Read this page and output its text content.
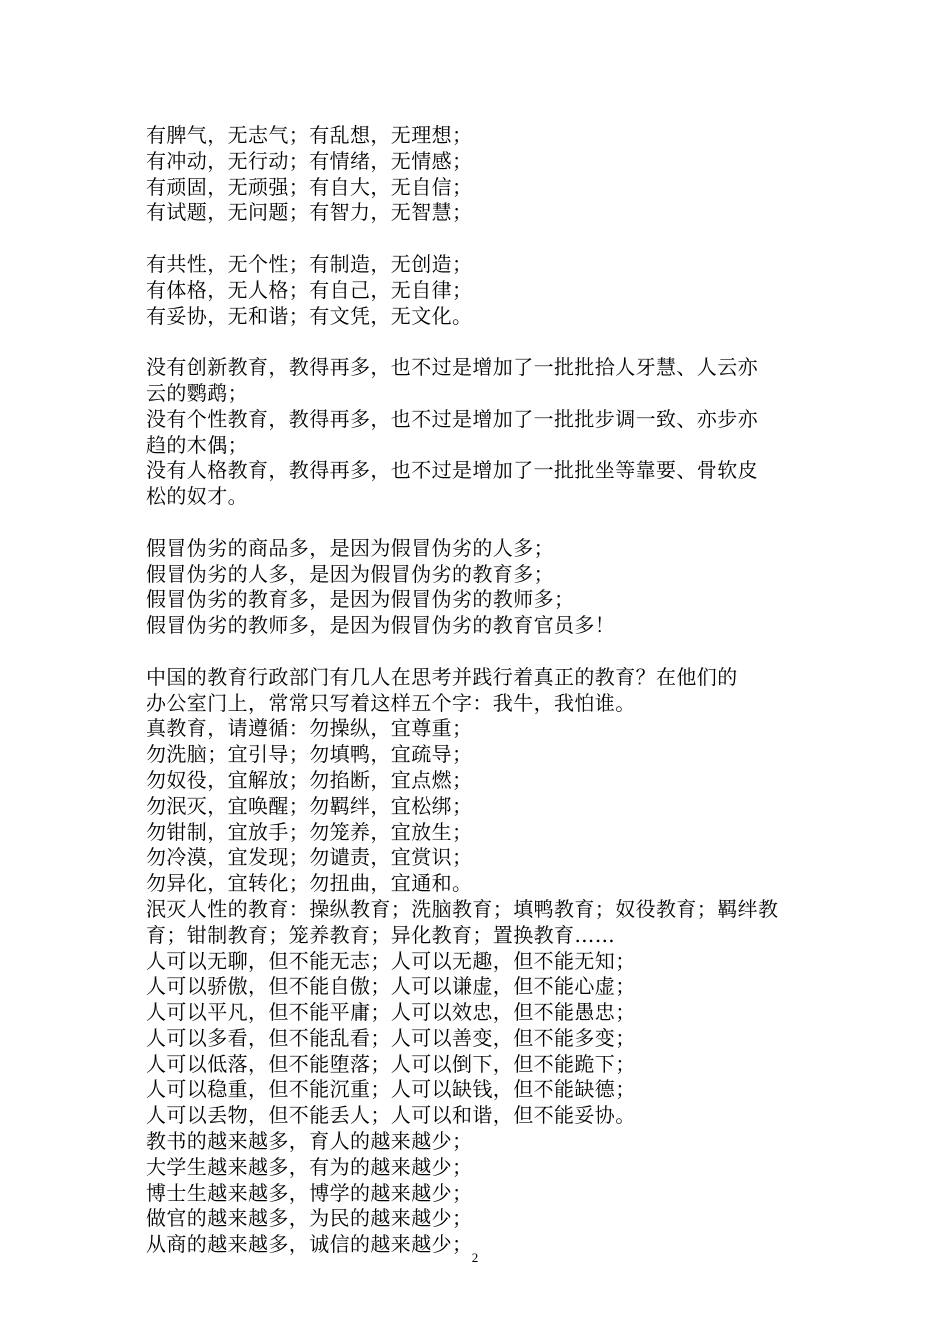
有脾气，无志气；有乱想，无理想；
有冲动，无行动；有情绪，无情感；
有顽固，无顽强；有自大，无自信；
有试题，无问题；有智力，无智慧；
有共性，无个性；有制造，无创造；
有体格，无人格；有自己，无自律；
有妥协，无和谐；有文凭，无文化。
没有创新教育，教得再多，也不过是增加了一批批拾人牙慧、人云亦
云的鹦鹉；
没有个性教育，教得再多，也不过是增加了一批批步调一致、亦步亦
趋的木偶；
没有人格教育，教得再多，也不过是增加了一批批坐等靠要、骨软皮
松的奴才。
假冒伪劣的商品多，是因为假冒伪劣的人多；
假冒伪劣的人多，是因为假冒伪劣的教育多；
假冒伪劣的教育多，是因为假冒伪劣的教师多；
假冒伪劣的教师多，是因为假冒伪劣的教育官员多！
中国的教育行政部门有几人在思考并践行着真正的教育？在他们的
办公室门上，常常只写着这样五个字：我牛，我怕谁。
真教育，请遵循：勿操纵，宜尊重；
勿洗脑；宜引导；勿填鸭，宜疏导；
勿奴役，宜解放；勿掐断，宜点燃；
勿泯灭，宜唤醒；勿羁绊，宜松绑；
勿钳制，宜放手；勿笼养，宜放生；
勿冷漠，宜发现；勿谴责，宜赏识；
勿异化，宜转化；勿扭曲，宜通和。
泯灭人性的教育：操纵教育；洗脑教育；填鸭教育；奴役教育；羁绊教
育；钳制教育；笼养教育；异化教育；置换教育……
人可以无聊，但不能无志；人可以无趣，但不能无知；
人可以骄傲，但不能自傲；人可以谦虚，但不能心虚；
人可以平凡，但不能平庸；人可以效忠，但不能愚忠；
人可以多看，但不能乱看；人可以善变，但不能多变；
人可以低落，但不能堕落；人可以倒下，但不能跪下；
人可以稳重，但不能沉重；人可以缺钱，但不能缺德；
人可以丢物，但不能丢人；人可以和谐，但不能妥协。
教书的越来越多，育人的越来越少；
大学生越来越多，有为的越来越少；
博士生越来越多，博学的越来越少；
做官的越来越多，为民的越来越少；
从商的越来越多，诚信的越来越少；
2
